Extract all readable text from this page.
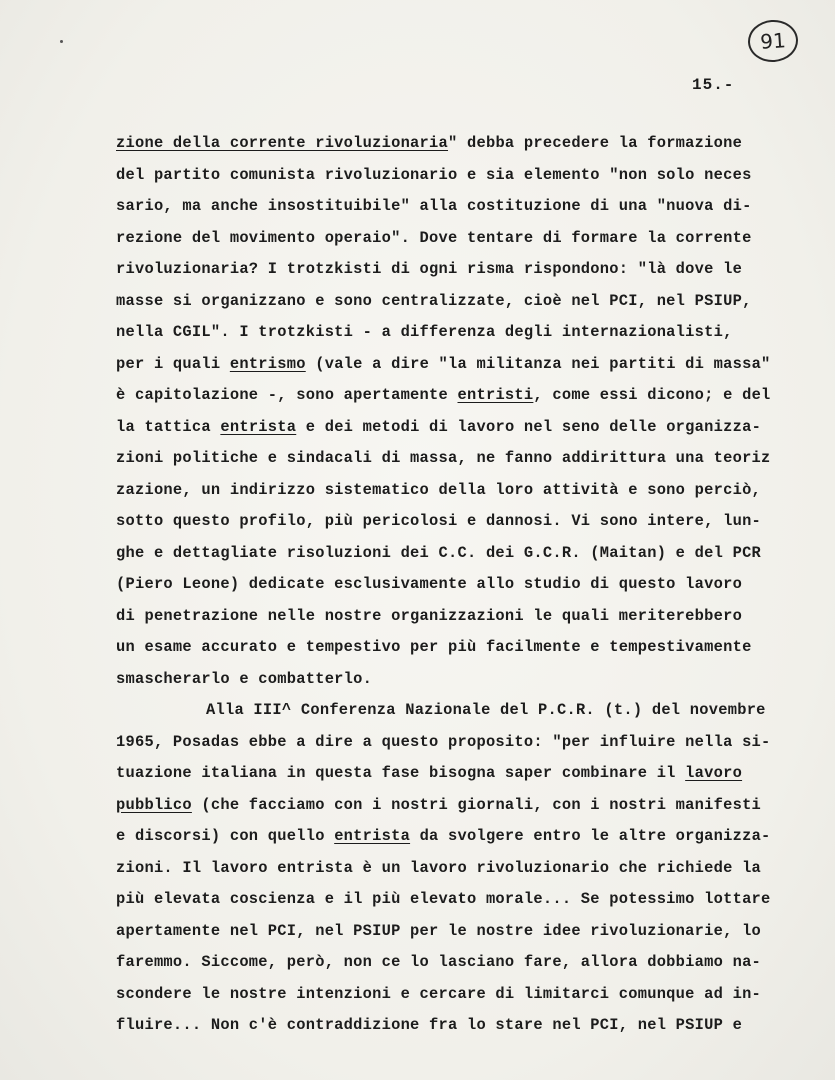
91
15.-
zione della corrente rivoluzionaria" debba precedere la formazione
del partito comunista rivoluzionario e sia elemento "non solo neces
sario, ma anche insostituibile" alla costituzione di una "nuova di-
rezione del movimento operaio". Dove tentare di formare la corrente
rivoluzionaria? I trotzkisti di ogni risma rispondono: "là dove le
masse si organizzano e sono centralizzate, cioè nel PCI, nel PSIUP,
nella CGIL". I trotzkisti - a differenza degli internazionalisti,
per i quali entrismo (vale a dire "la militanza nei partiti di massa"
è capitolazione -, sono apertamente entristi, come essi dicono; e del
la tattica entrista e dei metodi di lavoro nel seno delle organizza-
zioni politiche e sindacali di massa, ne fanno addirittura una teoriz
zazione, un indirizzo sistematico della loro attività e sono perciò,
sotto questo profilo, più pericolosi e dannosi. Vi sono intere, lun-
ghe e dettagliate risoluzioni dei C.C. dei G.C.R. (Maitan) e del PCR
(Piero Leone) dedicate esclusivamente allo studio di questo lavoro
di penetrazione nelle nostre organizzazioni le quali meriterebbero
un esame accurato e tempestivo per più facilmente e tempestivamente
smascherarlo e combatterlo.
Alla III^ Conferenza Nazionale del P.C.R. (t.) del novembre
1965, Posadas ebbe a dire a questo proposito: "per influire nella si-
tuazione italiana in questa fase bisogna saper combinare il lavoro
pubblico (che facciamo con i nostri giornali, con i nostri manifesti
e discorsi) con quello entrista da svolgere entro le altre organizza-
zioni. Il lavoro entrista è un lavoro rivoluzionario che richiede la
più elevata coscienza e il più elevato morale... Se potessimo lottare
apertamente nel PCI, nel PSIUP per le nostre idee rivoluzionarie, lo
faremmo. Siccome, però, non ce lo lasciano fare, allora dobbiamo na-
scondere le nostre intenzioni e cercare di limitarci comunque ad in-
fluire... Non c'è contraddizione fra lo stare nel PCI, nel PSIUP e
